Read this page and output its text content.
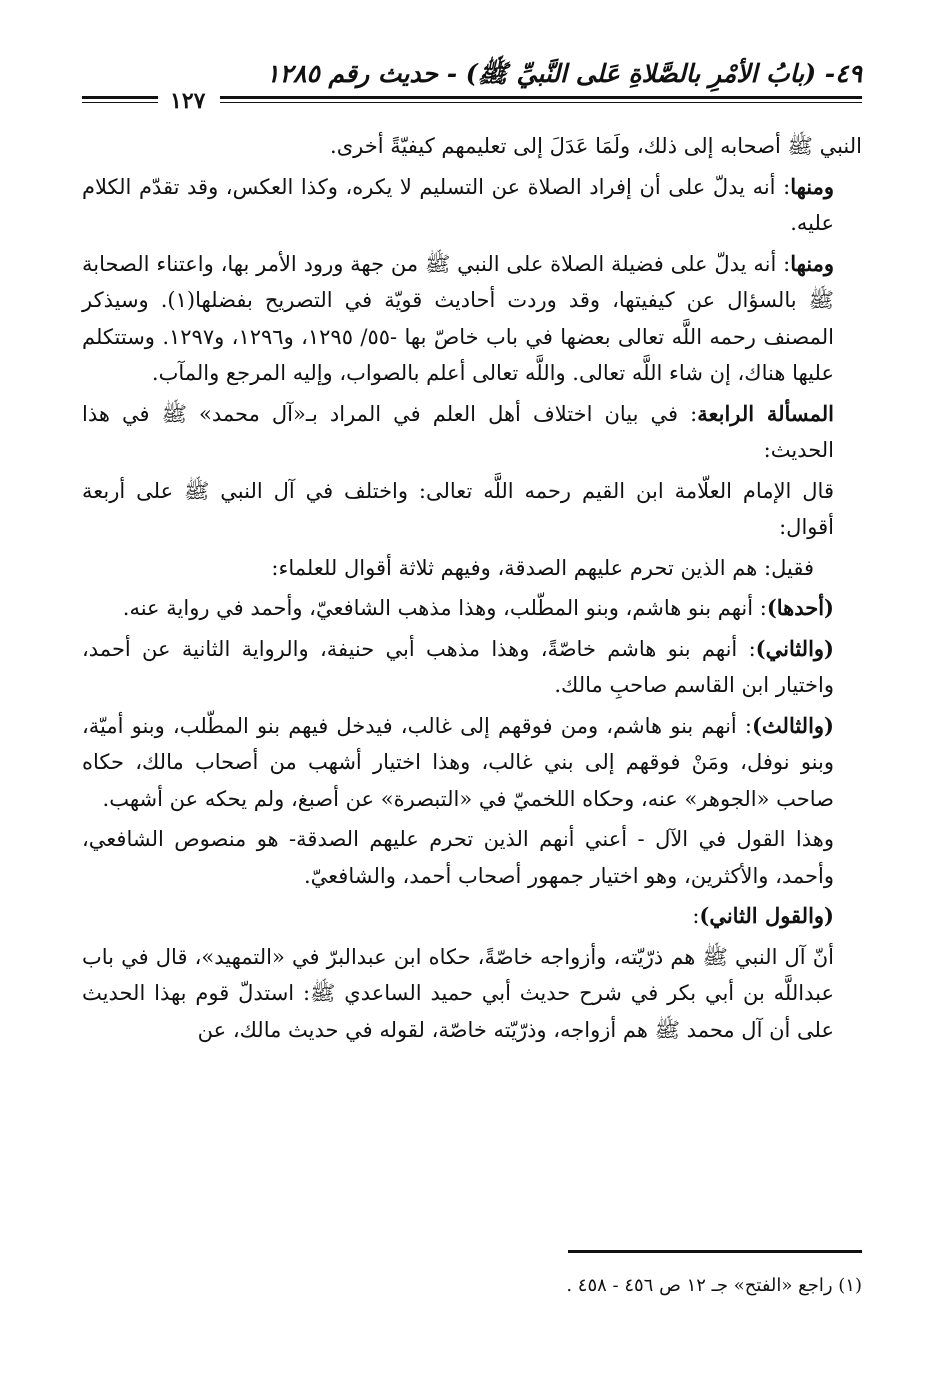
٤٩- (بابُ الأمْرِ بالصَّلاةِ عَلى النَّبيِّ ﷺ) - حديث رقم ١٢٨٥
١٢٧

النبي ﷺ أصحابه إلى ذلك، ولَمَا عَدَلَ إلى تعليمهم كيفيّةً أخرى.

ومنها: أنه يدلّ على أن إفراد الصلاة عن التسليم لا يكره، وكذا العكس، وقد تقدّم الكلام عليه.

ومنها: أنه يدلّ على فضيلة الصلاة على النبي ﷺ من جهة ورود الأمر بها، واعتناء الصحابة ﷺ بالسؤال عن كيفيتها، وقد وردت أحاديث قويّة في التصريح بفضلها(١). وسيذكر المصنف رحمه اللَّه تعالى بعضها في باب خاصّ بها -٥٥/ ١٢٩٥، و١٢٩٦، و١٢٩٧. وستتكلم عليها هناك، إن شاء اللَّه تعالى. واللَّه تعالى أعلم بالصواب، وإليه المرجع والمآب.

المسألة الرابعة: في بيان اختلاف أهل العلم في المراد بـ«آل محمد» ﷺ في هذا الحديث:

قال الإمام العلّامة ابن القيم رحمه اللَّه تعالى: واختلف في آل النبي ﷺ على أربعة أقوال:

فقيل: هم الذين تحرم عليهم الصدقة، وفيهم ثلاثة أقوال للعلماء:

(أحدها): أنهم بنو هاشم، وبنو المطّلب، وهذا مذهب الشافعيّ، وأحمد في رواية عنه.

(والثاني): أنهم بنو هاشم خاصّةً، وهذا مذهب أبي حنيفة، والرواية الثانية عن أحمد، واختيار ابن القاسم صاحبِ مالك.

(والثالث): أنهم بنو هاشم، ومن فوقهم إلى غالب، فيدخل فيهم بنو المطّلب، وبنو أميّة، وبنو نوفل، ومَنْ فوقهم إلى بني غالب، وهذا اختيار أشهب من أصحاب مالك، حكاه صاحب «الجوهر» عنه، وحكاه اللخميّ في «التبصرة» عن أصبغ، ولم يحكه عن أشهب.

وهذا القول في الآل - أعني أنهم الذين تحرم عليهم الصدقة- هو منصوص الشافعي، وأحمد، والأكثرين، وهو اختيار جمهور أصحاب أحمد، والشافعيّ.

(والقول الثاني):

أنّ آل النبي ﷺ هم ذرّيّته، وأزواجه خاصّةً، حكاه ابن عبدالبرّ في «التمهيد»، قال في باب عبداللَّه بن أبي بكر في شرح حديث أبي حميد الساعدي ﷺ: استدلّ قوم بهذا الحديث على أن آل محمد ﷺ هم أزواجه، وذرّيّته خاصّة، لقوله في حديث مالك، عن

(١) راجع «الفتح» جـ ١٢ ص ٤٥٦ - ٤٥٨ .
